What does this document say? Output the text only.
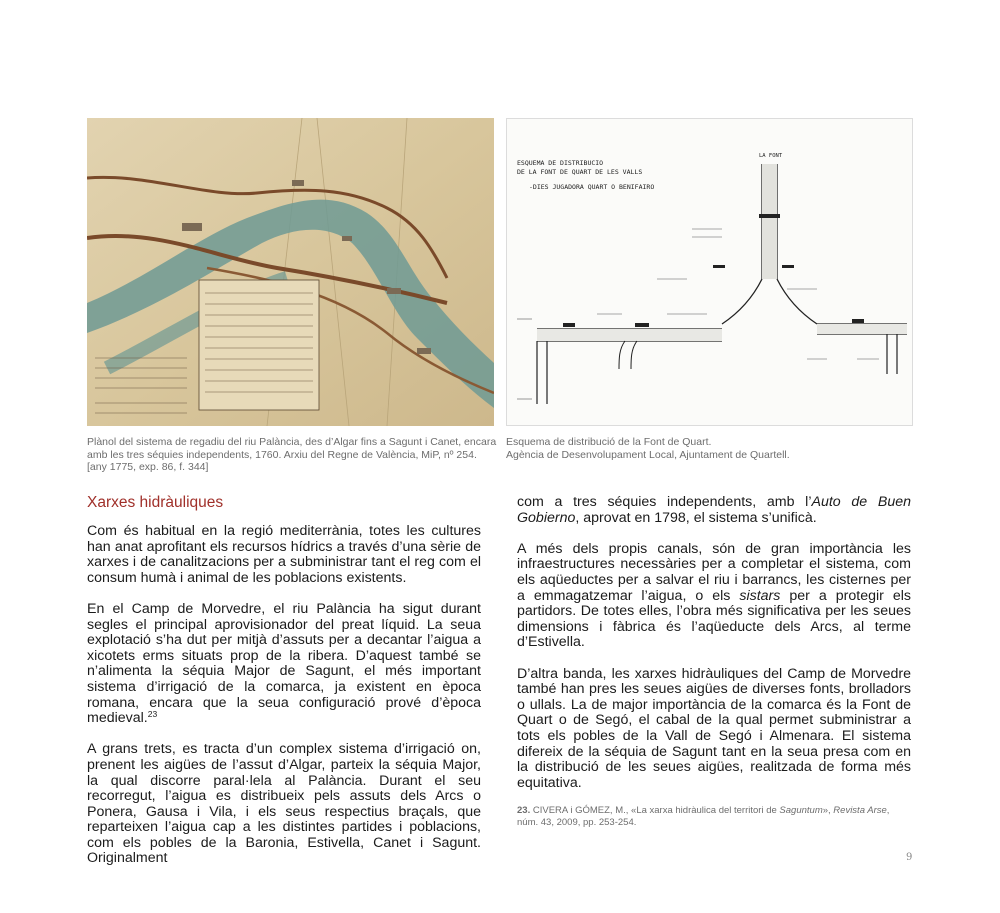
ESQUEMA DE DISTRIBUCIO
DE LA FONT DE QUART DE LES VALLS
-DIES JUGADORA QUART O BENIFAIRO
LA FONT

Plànol del sistema de regadiu del riu Palància, des d’Algar fins a Sagunt i Canet, encara

amb les tres séquies independents, 1760. Arxiu del Regne de València, MiP, nº 254.

[any 1775, exp. 86, f. 344]

Esquema de distribució de la Font de Quart.

Agència de Desenvolupament Local, Ajuntament de Quartell.

Xarxes hidràuliques

Com és habitual en la regió mediterrània, totes les cultures han anat aprofitant els recursos hídrics a través d’una sèrie de xarxes i de canalitzacions per a subministrar tant el reg com el consum humà i animal de les poblacions existents.

En el Camp de Morvedre, el riu Palància ha sigut durant segles el principal aprovisionador del preat líquid. La seua explotació s’ha dut per mitjà d’assuts per a decantar l’aigua a xicotets erms situats prop de la ribera. D’aquest també se n’alimenta la séquia Major de Sagunt, el més important sistema d’irrigació de la comarca, ja existent en època romana, encara que la seua configuració prové d’època medieval.$^{23}$

A grans trets, es tracta d’un complex sistema d’irrigació on, prenent les aigües de l’assut d’Algar, parteix la séquia Major, la qual discorre paral·lela al Palància. Durant el seu recorregut, l’aigua es distribueix pels assuts dels Arcs o Ponera, Gausa i Vila, i els seus respectius braçals, que reparteixen l’aigua cap a les distintes partides i poblacions, com els pobles de la Baronia, Estivella, Canet i Sagunt. Originalment

com a tres séquies independents, amb l’Auto de Buen Gobierno, aprovat en 1798, el sistema s’unificà.

A més dels propis canals, són de gran importància les infraestructures necessàries per a completar el sistema, com els aqüeductes per a salvar el riu i barrancs, les cisternes per a emmagatzemar l’aigua, o els sistars per a protegir els partidors. De totes elles, l’obra més significativa per les seues dimensions i fàbrica és l’aqüeducte dels Arcs, al terme d’Estivella.

D’altra banda, les xarxes hidràuliques del Camp de Morvedre també han pres les seues aigües de diverses fonts, brolladors o ullals. La de major importància de la comarca és la Font de Quart o de Segó, el cabal de la qual permet subministrar a tots els pobles de la Vall de Segó i Almenara. El sistema difereix de la séquia de Sagunt tant en la seua presa com en la distribució de les seues aigües, realitzada de forma més equitativa.

23. CIVERA i GÓMEZ, M., «La xarxa hidràulica del territori de Saguntum», Revista Arse, núm. 43, 2009, pp. 253-254.
9
